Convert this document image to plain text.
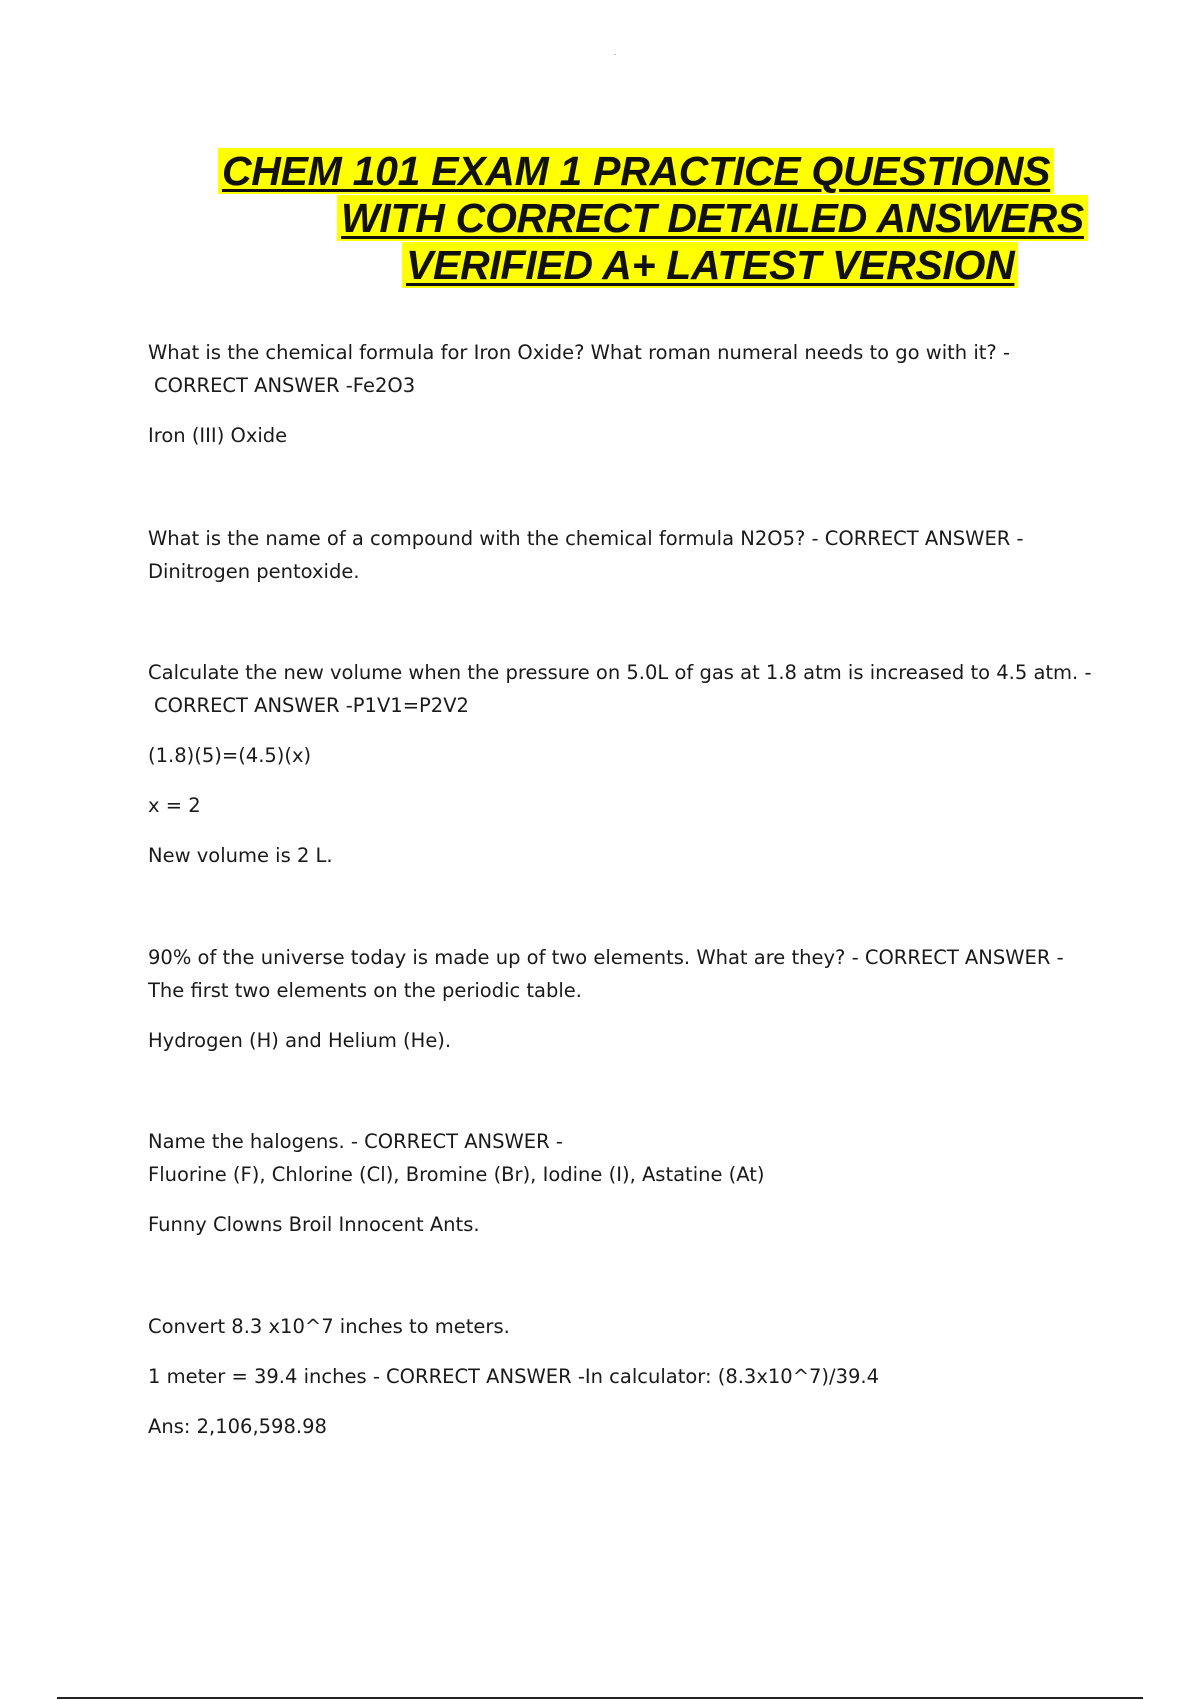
CHEM 101 EXAM 1 PRACTICE QUESTIONS
WITH CORRECT DETAILED ANSWERS
VERIFIED A+ LATEST VERSION

What is the chemical formula for Iron Oxide? What roman numeral needs to go with it? -

CORRECT ANSWER -Fe2O3

Iron (III) Oxide

What is the name of a compound with the chemical formula N2O5? - CORRECT ANSWER -

Dinitrogen pentoxide.

Calculate the new volume when the pressure on 5.0L of gas at 1.8 atm is increased to 4.5 atm. -

CORRECT ANSWER -P1V1=P2V2

(1.8)(5)=(4.5)(x)

x = 2

New volume is 2 L.

90% of the universe today is made up of two elements. What are they? - CORRECT ANSWER -

The first two elements on the periodic table.

Hydrogen (H) and Helium (He).

Name the halogens. - CORRECT ANSWER -

Fluorine (F), Chlorine (Cl), Bromine (Br), Iodine (I), Astatine (At)

Funny Clowns Broil Innocent Ants.

Convert 8.3 x10^7 inches to meters.

1 meter = 39.4 inches - CORRECT ANSWER -In calculator: (8.3x10^7)/39.4

Ans: 2,106,598.98
